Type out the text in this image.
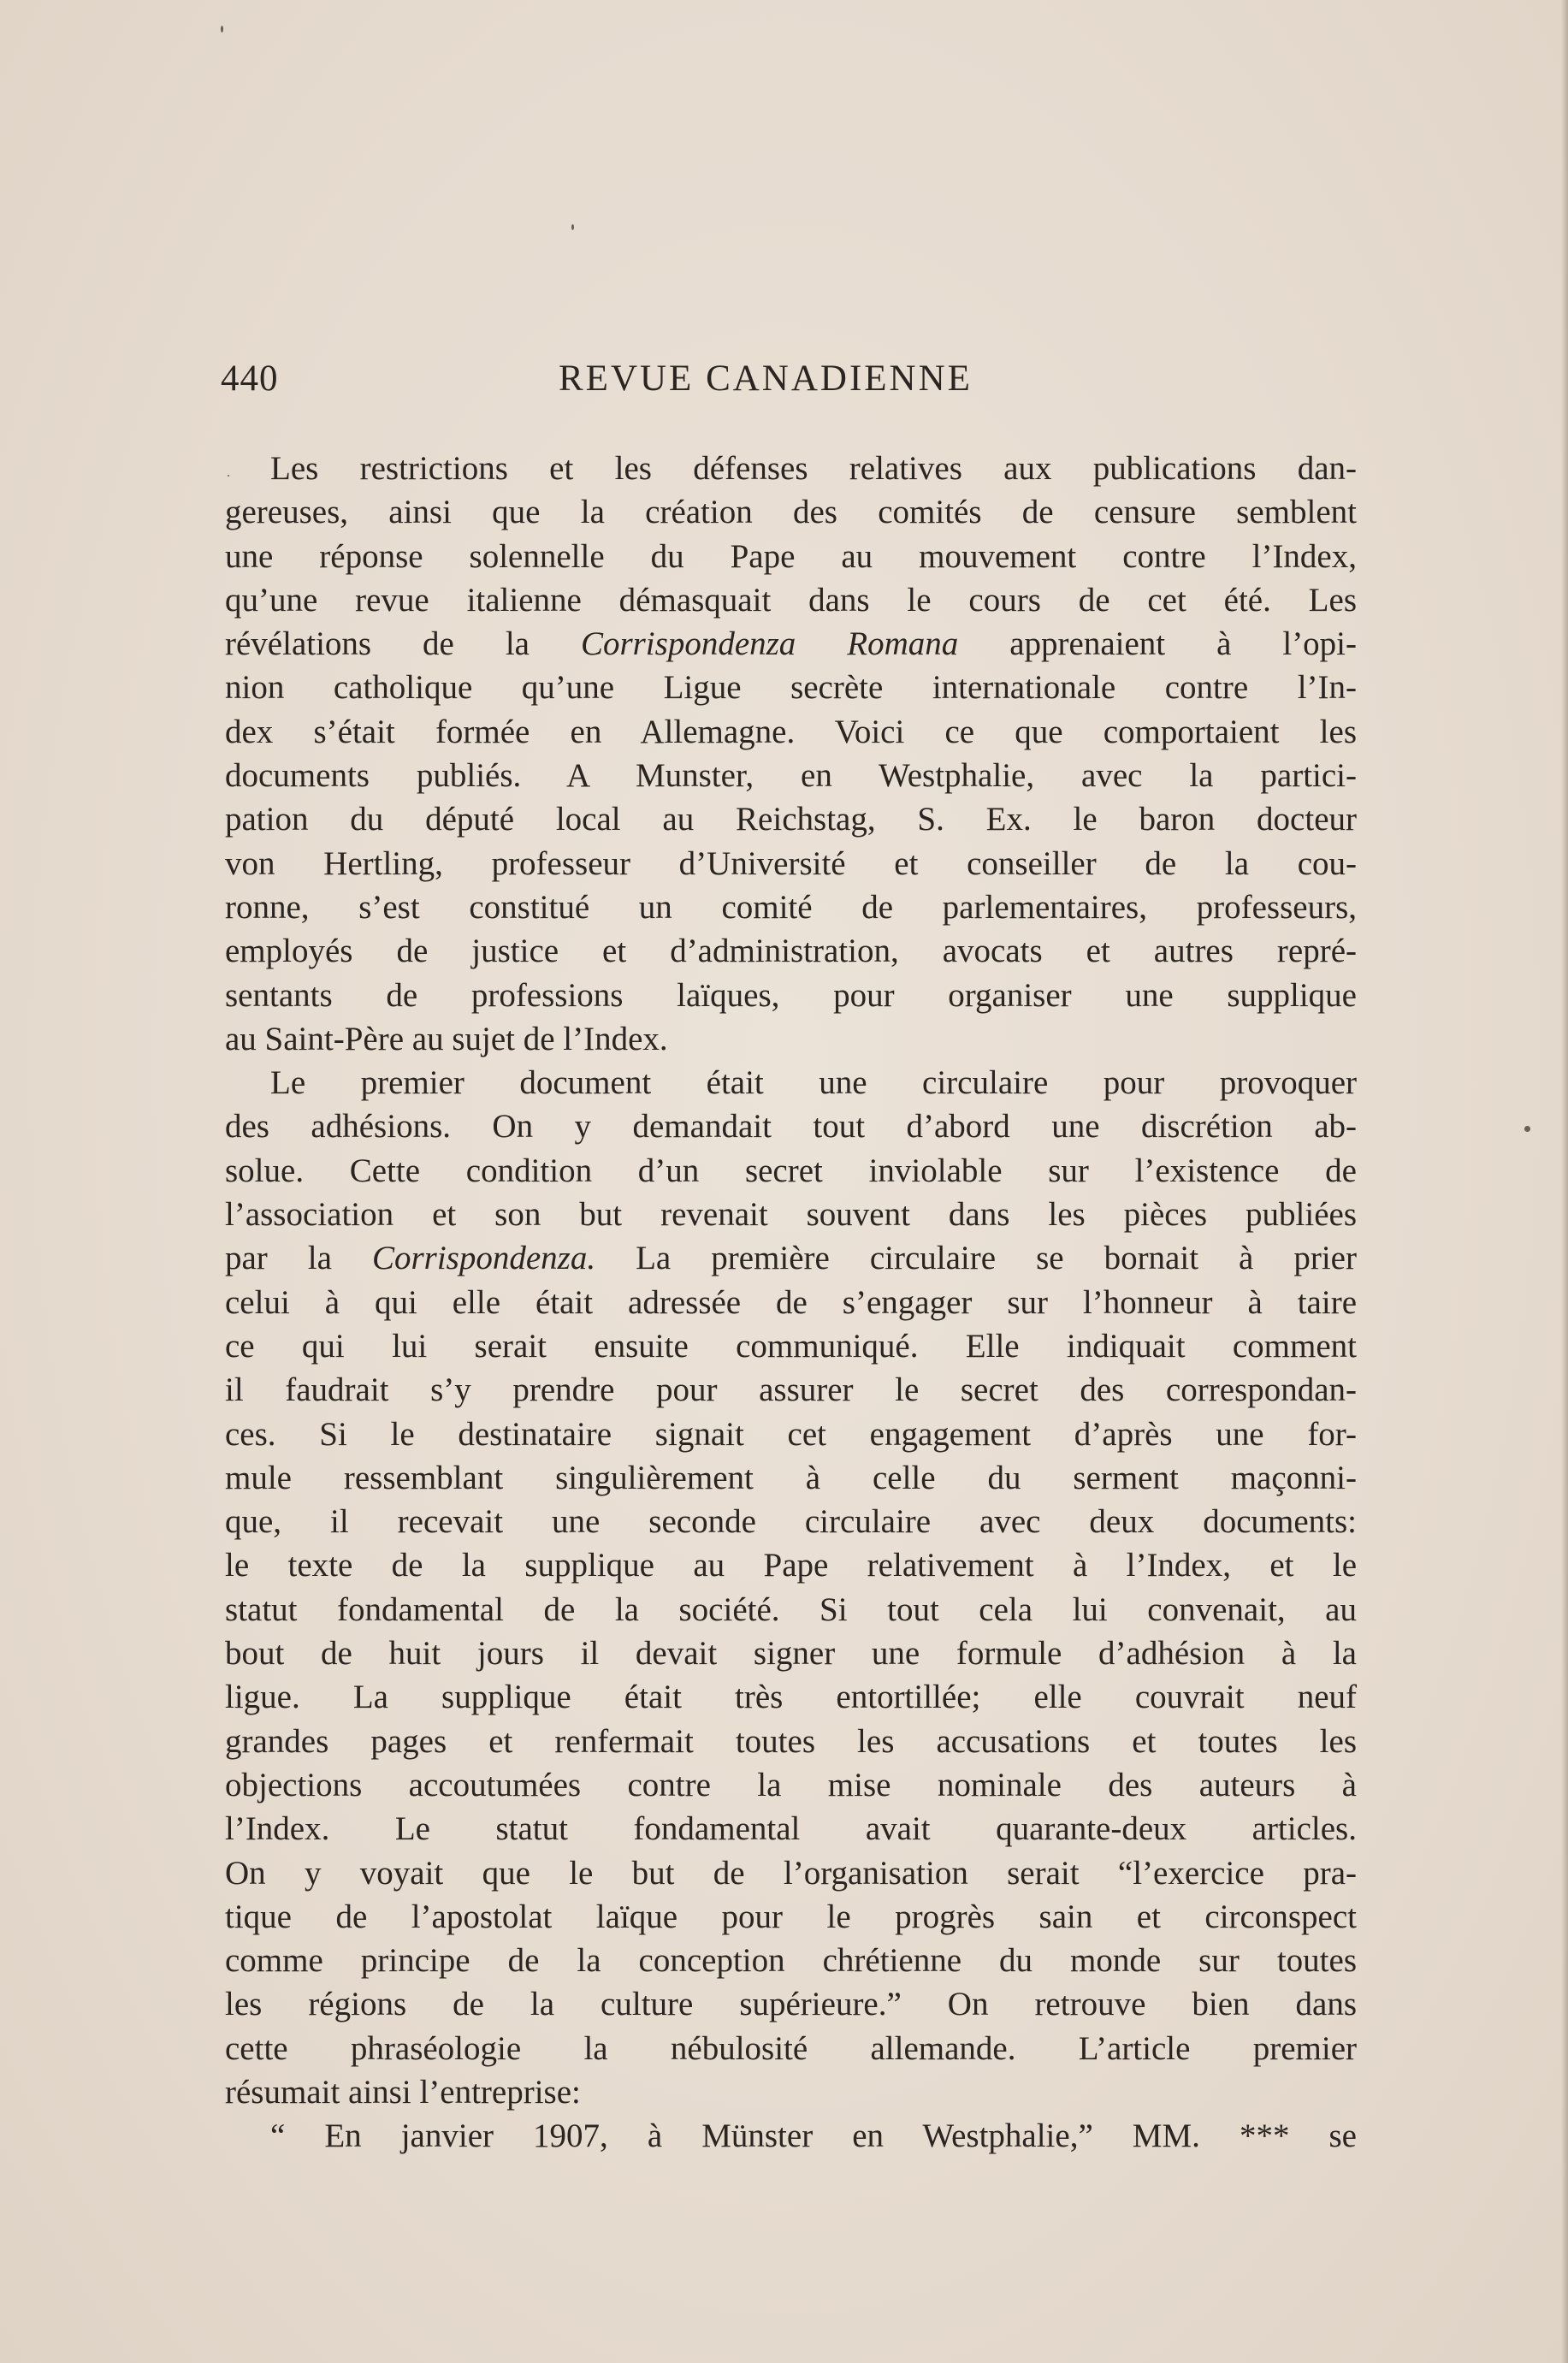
440	REVUE CANADIENNE
Les restrictions et les défenses relatives aux publications dan-
gereuses, ainsi que la création des comités de censure semblent
une réponse solennelle du Pape au mouvement contre l’Index,
qu’une revue italienne démasquait dans le cours de cet été. Les
révélations de la Corrispondenza Romana apprenaient à l’opi-
nion catholique qu’une Ligue secrète internationale contre l’In-
dex s’était formée en Allemagne. Voici ce que comportaient les
documents publiés. A Munster, en Westphalie, avec la partici-
pation du député local au Reichstag, S. Ex. le baron docteur
von Hertling, professeur d’Université et conseiller de la cou-
ronne, s’est constitué un comité de parlementaires, professeurs,
employés de justice et d’administration, avocats et autres repré-
sentants de professions laïques, pour organiser une supplique
au Saint-Père au sujet de l’Index.
Le premier document était une circulaire pour provoquer
des adhésions. On y demandait tout d’abord une discrétion ab-
solue. Cette condition d’un secret inviolable sur l’existence de
l’association et son but revenait souvent dans les pièces publiées
par la Corrispondenza. La première circulaire se bornait à prier
celui à qui elle était adressée de s’engager sur l’honneur à taire
ce qui lui serait ensuite communiqué. Elle indiquait comment
il faudrait s’y prendre pour assurer le secret des correspondan-
ces. Si le destinataire signait cet engagement d’après une for-
mule ressemblant singulièrement à celle du serment maçonni-
que, il recevait une seconde circulaire avec deux documents:
le texte de la supplique au Pape relativement à l’Index, et le
statut fondamental de la société. Si tout cela lui convenait, au
bout de huit jours il devait signer une formule d’adhésion à la
ligue. La supplique était très entortillée; elle couvrait neuf
grandes pages et renfermait toutes les accusations et toutes les
objections accoutumées contre la mise nominale des auteurs à
l’Index. Le statut fondamental avait quarante-deux articles.
On y voyait que le but de l’organisation serait “l’exercice pra-
tique de l’apostolat laïque pour le progrès sain et circonspect
comme principe de la conception chrétienne du monde sur toutes
les régions de la culture supérieure.” On retrouve bien dans
cette phraséologie la nébulosité allemande. L’article premier
résumait ainsi l’entreprise:
“ En janvier 1907, à Münster en Westphalie,” MM. *** se
